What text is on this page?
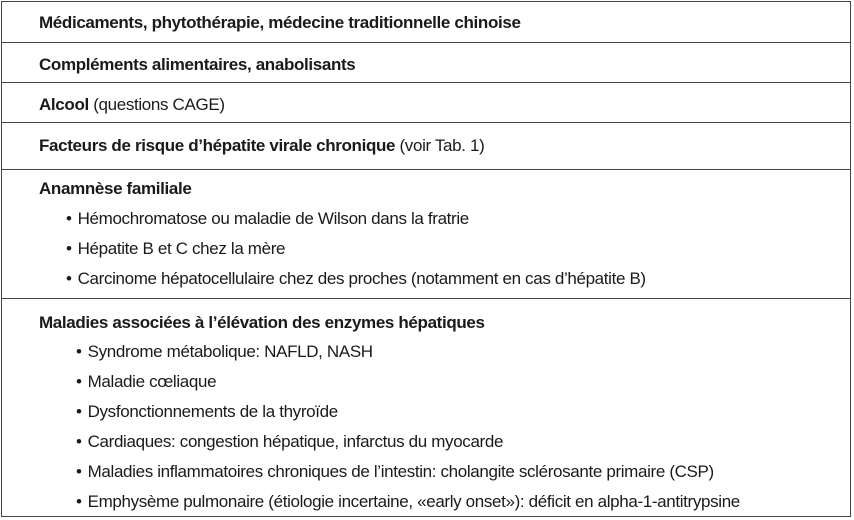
Médicaments, phytothérapie, médecine traditionnelle chinoise
Compléments alimentaires, anabolisants
Alcool (questions CAGE)
Facteurs de risque d’hépatite virale chronique (voir Tab. 1)
Anamnèse familiale
• Hémochromatose ou maladie de Wilson dans la fratrie
• Hépatite B et C chez la mère
• Carcinome hépatocellulaire chez des proches (notamment en cas d’hépatite B)
Maladies associées à l’élévation des enzymes hépatiques
• Syndrome métabolique: NAFLD, NASH
• Maladie cœliaque
• Dysfonctionnements de la thyroïde
• Cardiaques: congestion hépatique, infarctus du myocarde
• Maladies inflammatoires chroniques de l’intestin: cholangite sclérosante primaire (CSP)
• Emphysème pulmonaire (étiologie incertaine, «early onset»): déficit en alpha-1-antitrypsine
